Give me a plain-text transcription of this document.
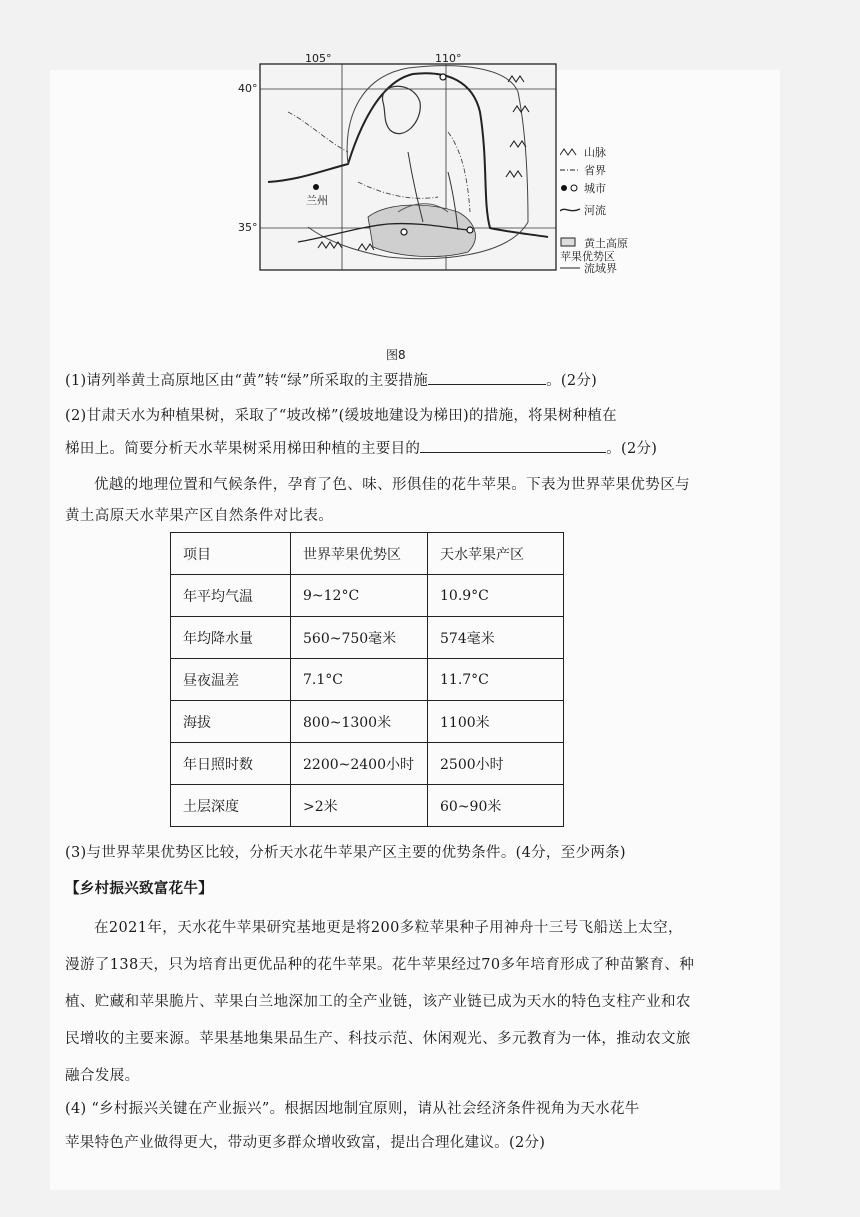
105°	110°
40°
35°
兰州
山脉
省界
城市
河流

黄土高原
苹果优势区

流域界
图8
(1)请列举黄土高原地区由“黄”转“绿”所采取的主要措施	。(2分)
(2)甘肃天水为种植果树，采取了“坡改梯”(缓坡地建设为梯田)的措施，将果树种植在
梯田上。简要分析天水苹果树采用梯田种植的主要目的	。(2分)
优越的地理位置和气候条件，孕育了色、味、形俱佳的花牛苹果。下表为世界苹果优势区与黄土高原天水苹果产区自然条件对比表。
项目	世界苹果优势区	天水苹果产区
年平均气温	9~12°C	10.9°C
年均降水量	560~750毫米	574毫米
昼夜温差	7.1°C	11.7°C
海拔	800~1300米	1100米
年日照时数	2200~2400小时	2500小时
土层深度	>2米	60~90米
(3)与世界苹果优势区比较，分析天水花牛苹果产区主要的优势条件。(4分，至少两条)
【乡村振兴致富花牛】
在2021年，天水花牛苹果研究基地更是将200多粒苹果种子用神舟十三号飞船送上太空，漫游了138天，只为培育出更优品种的花牛苹果。花牛苹果经过70多年培育形成了种苗繁育、种植、贮藏和苹果脆片、苹果白兰地深加工的全产业链，该产业链已成为天水的特色支柱产业和农民增收的主要来源。苹果基地集果品生产、科技示范、休闲观光、多元教育为一体，推动农文旅融合发展。
(4) “乡村振兴关键在产业振兴”。根据因地制宜原则，请从社会经济条件视角为天水花牛
苹果特色产业做得更大，带动更多群众增收致富，提出合理化建议。(2分)
